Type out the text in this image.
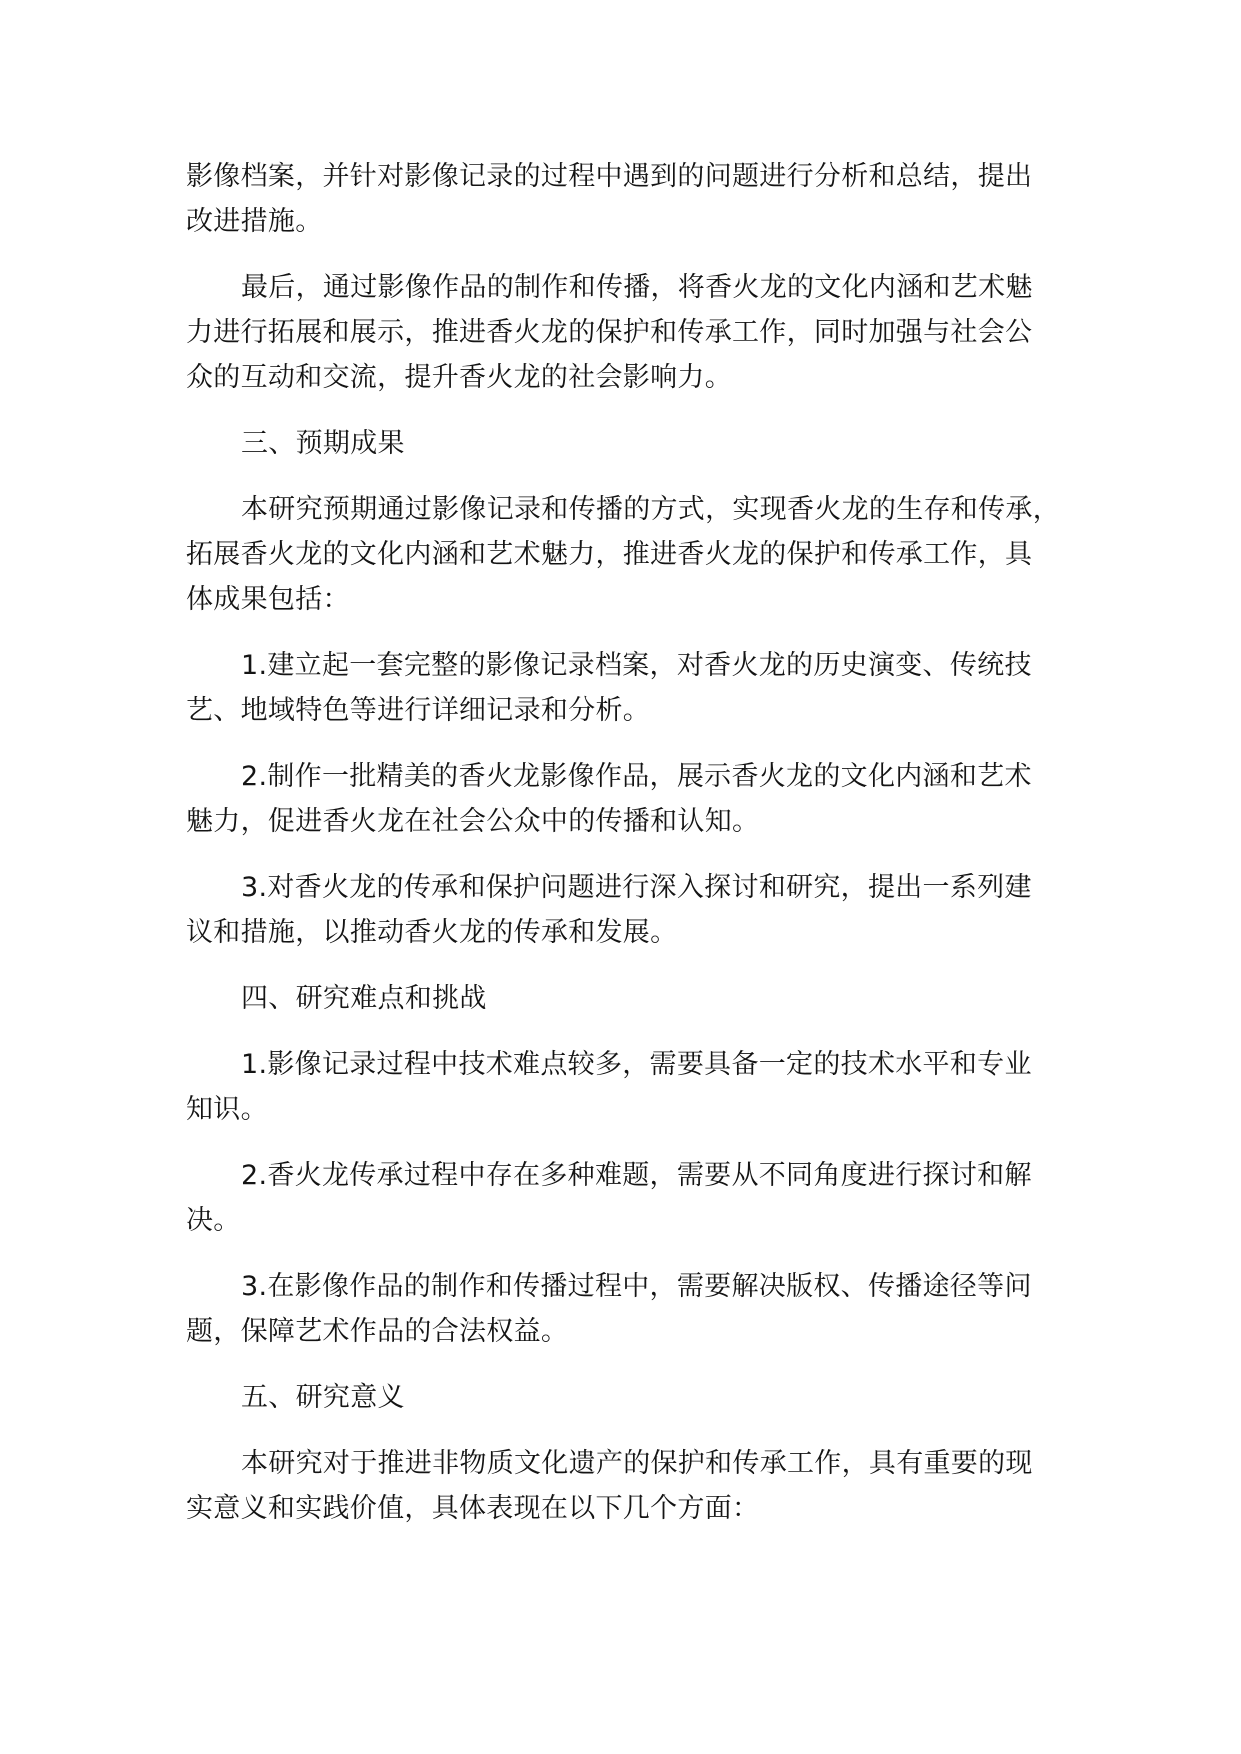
影像档案，并针对影像记录的过程中遇到的问题进行分析和总结，提出
改进措施。
最后，通过影像作品的制作和传播，将香火龙的文化内涵和艺术魅
力进行拓展和展示，推进香火龙的保护和传承工作，同时加强与社会公
众的互动和交流，提升香火龙的社会影响力。
三、预期成果
本研究预期通过影像记录和传播的方式，实现香火龙的生存和传承，
拓展香火龙的文化内涵和艺术魅力，推进香火龙的保护和传承工作，具
体成果包括：
1.建立起一套完整的影像记录档案，对香火龙的历史演变、传统技
艺、地域特色等进行详细记录和分析。
2.制作一批精美的香火龙影像作品，展示香火龙的文化内涵和艺术
魅力，促进香火龙在社会公众中的传播和认知。
3.对香火龙的传承和保护问题进行深入探讨和研究，提出一系列建
议和措施，以推动香火龙的传承和发展。
四、研究难点和挑战
1.影像记录过程中技术难点较多，需要具备一定的技术水平和专业
知识。
2.香火龙传承过程中存在多种难题，需要从不同角度进行探讨和解
决。
3.在影像作品的制作和传播过程中，需要解决版权、传播途径等问
题，保障艺术作品的合法权益。
五、研究意义
本研究对于推进非物质文化遗产的保护和传承工作，具有重要的现
实意义和实践价值，具体表现在以下几个方面：
